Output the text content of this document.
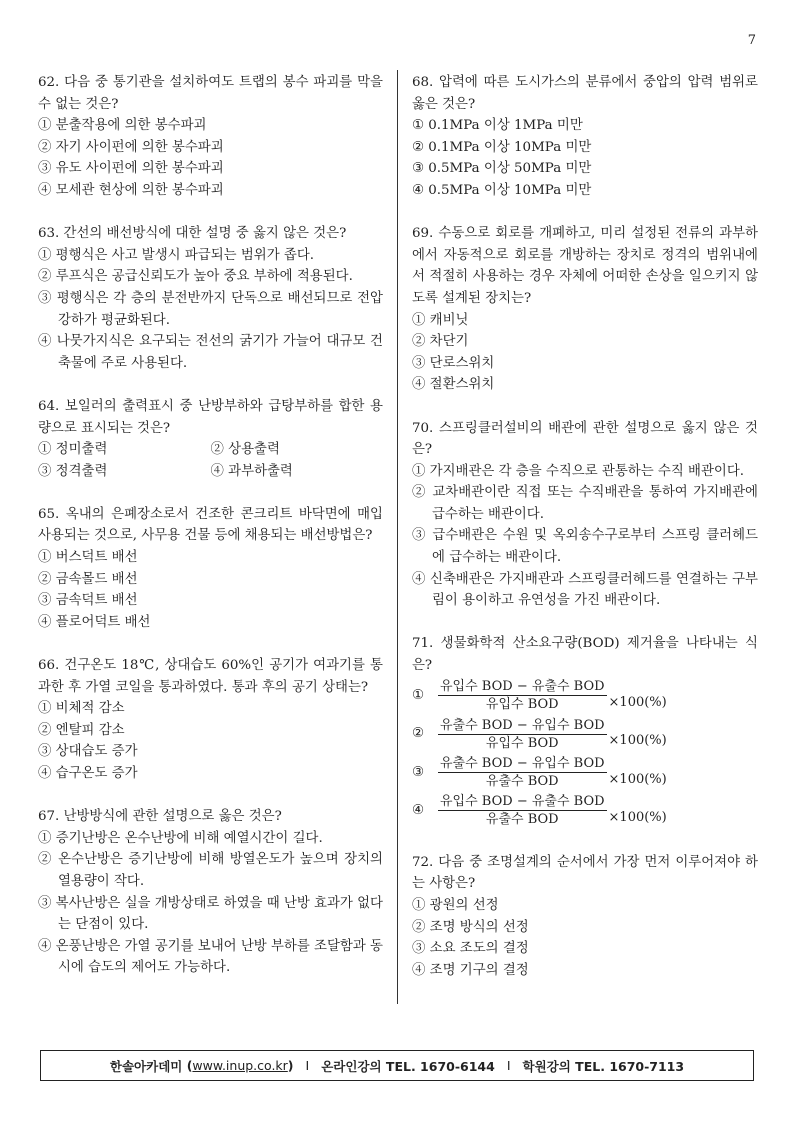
7
62. 다음 중 통기관을 설치하여도 트랩의 봉수 파괴를 막을 수 없는 것은?
① 분출작용에 의한 봉수파괴
② 자기 사이펀에 의한 봉수파괴
③ 유도 사이펀에 의한 봉수파괴
④ 모세관 현상에 의한 봉수파괴
63. 간선의 배선방식에 대한 설명 중 옳지 않은 것은?
① 평행식은 사고 발생시 파급되는 범위가 좁다.
② 루프식은 공급신뢰도가 높아 중요 부하에 적용된다.
③ 평행식은 각 층의 분전반까지 단독으로 배선되므로 전압강하가 평균화된다.
④ 나뭇가지식은 요구되는 전선의 굵기가 가늘어 대규모 건축물에 주로 사용된다.
64. 보일러의 출력표시 중 난방부하와 급탕부하를 합한 용량으로 표시되는 것은?
① 정미출력	② 상용출력
③ 정격출력	④ 과부하출력
65. 옥내의 은폐장소로서 건조한 콘크리트 바닥면에 매입 사용되는 것으로, 사무용 건물 등에 채용되는 배선방법은?
① 버스덕트 배선
② 금속몰드 배선
③ 금속덕트 배선
④ 플로어덕트 배선
66. 건구온도 18℃, 상대습도 60%인 공기가 여과기를 통과한 후 가열 코일을 통과하였다. 통과 후의 공기 상태는?
① 비체적 감소
② 엔탈피 감소
③ 상대습도 증가
④ 습구온도 증가
67. 난방방식에 관한 설명으로 옳은 것은?
① 증기난방은 온수난방에 비해 예열시간이 길다.
② 온수난방은 증기난방에 비해 방열온도가 높으며 장치의 열용량이 작다.
③ 복사난방은 실을 개방상태로 하였을 때 난방 효과가 없다는 단점이 있다.
④ 온풍난방은 가열 공기를 보내어 난방 부하를 조달함과 동시에 습도의 제어도 가능하다.
68. 압력에 따른 도시가스의 분류에서 중압의 압력 범위로 옳은 것은?
① 0.1MPa 이상 1MPa 미만
② 0.1MPa 이상 10MPa 미만
③ 0.5MPa 이상 50MPa 미만
④ 0.5MPa 이상 10MPa 미만
69. 수동으로 회로를 개폐하고, 미리 설정된 전류의 과부하에서 자동적으로 회로를 개방하는 장치로 정격의 범위내에서 적절히 사용하는 경우 자체에 어떠한 손상을 일으키지 않도록 설계된 장치는?
① 캐비닛
② 차단기
③ 단로스위치
④ 절환스위치
70. 스프링클러설비의 배관에 관한 설명으로 옳지 않은 것은?
① 가지배관은 각 층을 수직으로 관통하는 수직 배관이다.
② 교차배관이란 직접 또는 수직배관을 통하여 가지배관에 급수하는 배관이다.
③ 급수배관은 수원 및 옥외송수구로부터 스프링 클러헤드에 급수하는 배관이다.
④ 신축배관은 가지배관과 스프링클러헤드를 연결하는 구부림이 용이하고 유연성을 가진 배관이다.
71. 생물화학적 산소요구량(BOD) 제거율을 나타내는 식은?
①	$\frac{\text{유입수 BOD − 유출수 BOD}}{\text{유입수 BOD}} \times 100(\%)$
②	$\frac{\text{유출수 BOD − 유입수 BOD}}{\text{유입수 BOD}} \times 100(\%)$
③	$\frac{\text{유출수 BOD − 유입수 BOD}}{\text{유출수 BOD}} \times 100(\%)$
④	$\frac{\text{유입수 BOD − 유출수 BOD}}{\text{유출수 BOD}} \times 100(\%)$
72. 다음 중 조명설계의 순서에서 가장 먼저 이루어져야 하는 사항은?
① 광원의 선정
② 조명 방식의 선정
③ 소요 조도의 결정
④ 조명 기구의 결정
한솔아카데미 ( www.inup.co.kr ) I 온라인강의 TEL. 1670-6144 I 학원강의 TEL. 1670-7113
